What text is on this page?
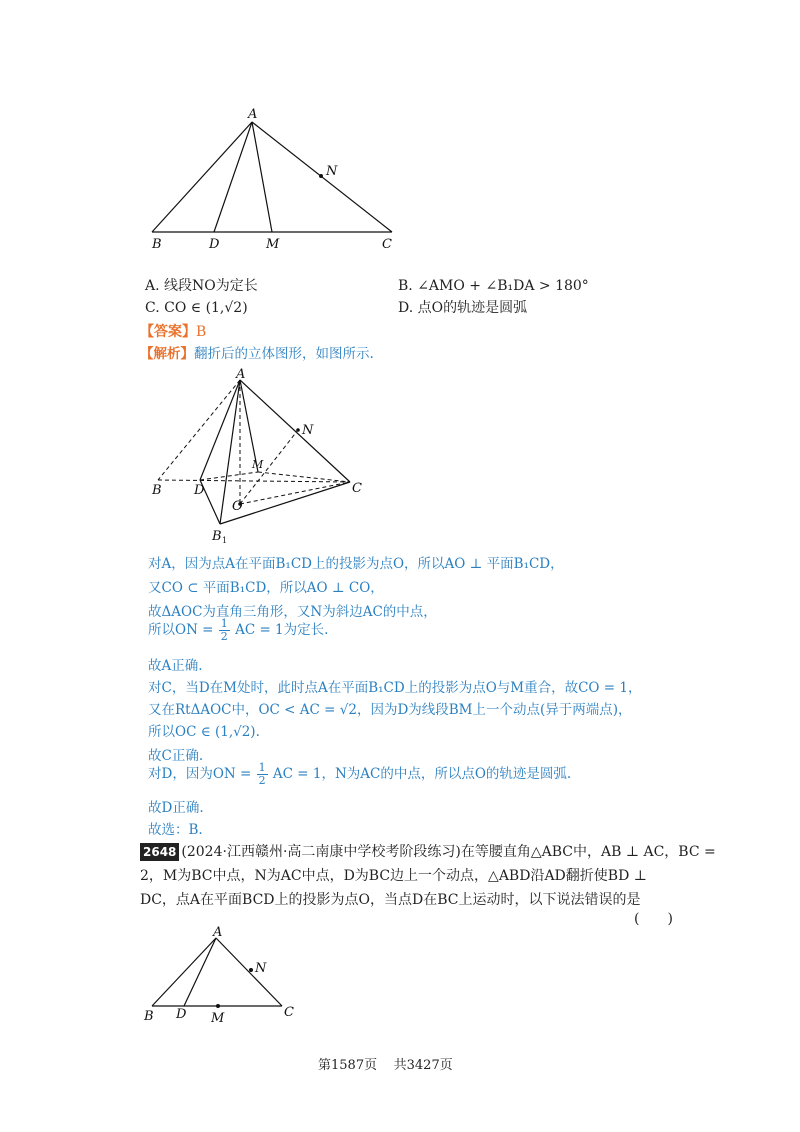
A
N
B	D	M	C
A. 线段NO为定长	B. ∠AMO + ∠B₁DA > 180°
C. CO ∈ (1,√2)	D. 点O的轨迹是圆弧
【答案】B
【解析】翻折后的立体图形，如图所示.
A
N
M
B D	C
O
B 1
对A，因为点A在平面B₁CD上的投影为点O，所以AO ⊥ 平面B₁CD，
又CO ⊂ 平面B₁CD，所以AO ⊥ CO，
故ΔAOC为直角三角形，又N为斜边AC的中点，
所以ON = $\frac{1}{2}$ AC = 1为定长.
故A正确.
对C，当D在M处时，此时点A在平面B₁CD上的投影为点O与M重合，故CO = 1，
又在RtΔAOC中，OC < AC = √2，因为D为线段BM上一个动点(异于两端点)，
所以OC ∈ (1,√2).
故C正确.
对D，因为ON = $\frac{1}{2}$ AC = 1，N为AC的中点，所以点O的轨迹是圆弧.
故D正确.
故选：B.
2648 (2024·江西赣州·高二南康中学校考阶段练习)在等腰直角△ABC中，AB ⊥ AC，BC =
2，M为BC中点，N为AC中点，D为BC边上一个动点，△ABD沿AD翻折使BD ⊥
DC，点A在平面BCD上的投影为点O，当点D在BC上运动时，以下说法错误的是
(　　)
A
N
B D M	C
第1587页 共3427页
